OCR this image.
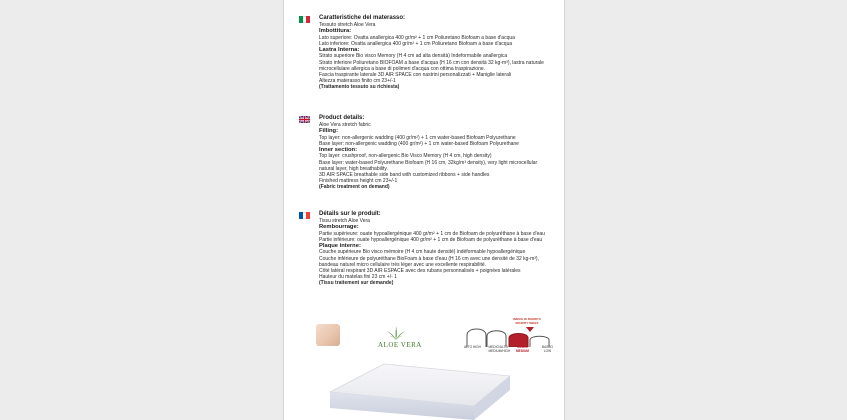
Caratteristiche del materasso:
Tessuto stretch Aloe Vera
Imbottitura:
Lato superiore: Ovatta anallergica 400 gr/m² + 1 cm Poliuretano Biofoam a base d'acqua
Lato inferiore: Ovatta anallergica 400 gr/m² + 1 cm Poliuretano Biofoam a base d'acqua
Lastra Interna:
Strato superiore Bio visco Memory (H 4 cm ad alta densità) Indeformabile anallergica
Strato inferiore Poliuretano BIOFOAM a base d'acqua (H 16 cm con densità 32 kg-m³), lastra naturale
microcellulare allergica a base di polimeri d'acqua con ottima traspirazione.
Fascia traspirante laterale 3D AIR SPACE con nastrini personalizzati + Maniglie laterali
Altezza materasso finito cm 23+/-1
(Trattamento tessuto su richiesta)
Product details:
Aloe Vera stretch fabric
Filling:
Top layer: non-allergenic wadding (400 gr/m²) + 1 cm water-based Biofoam Polyurethane
Base layer: non-allergenic wadding (400 gr/m²) + 1 cm water-based Biofoam Polyurethane
Inner section:
Top layer: crushproof, non-allergenic Bio Visco Memory (H 4 cm, high density)
Base layer: water-based Polyurethane Biofoam (H 16 cm, 32kg/m³ density), very light microcellular
natural layer, high breathability.
3D AIR SPACE breathable side band with customized ribbons + side handles
Finished mattress height cm 23+/-1
(Fabric treatment on demand)
Détails sur le produit:
Tissu stretch Aloe Vera
Rembourrage:
Partie supérieure: ouate hypoallergénique 400 gr/m² + 1 cm de Biofoam de polyuréthane à base d'eau
Partie inférieure: ouate hypoallergénique 400 gr/m² + 1 cm de Biofoam de polyuréthane à base d'eau
Plaque interne:
Couche supérieure Bio visco mémoire (H 4 cm haute densité) indéformable hypoallergénique
Couche inférieure de polyuréthane BioFoam à base d'eau (H 16 cm avec une densité de 32 kg-m³),
bandeau naturel micro cellulaire très léger avec une excellente respirabilité.
Côté latéral respirant 3D AIR ESPACE avec des rubans personnalisés + poignées latérales
Hauteur du matelas fini 23 cm +/- 1
(Tissu traitement sur demande)
ALOE VERA
INDICE DI RIGIDITÀ RIGIDITY INDEX
ALTO HIGH MEDIO/ALTO MEDIUM/HIGH
MEDIO MEDIUM
BASSO LOW
